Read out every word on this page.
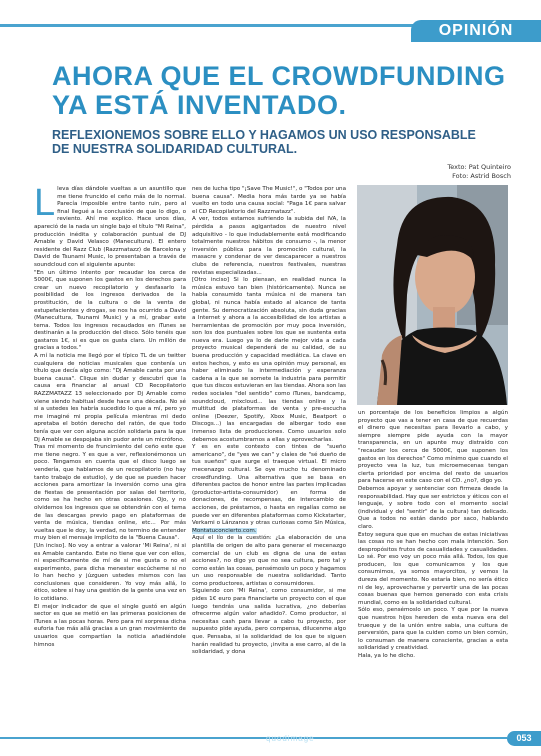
OPINIÓN
AHORA QUE EL CROWDFUNDING YA ESTÁ INVENTADO.
REFLEXIONEMOS SOBRE ELLO Y HAGAMOS UN USO RESPONSABLE DE NUESTRA SOLIDARIDAD CULTURAL.
Texto: Pat Quinteiro
Foto: Astrid Bosch
L leva días dándole vueltas a un asuntillo que me tiene fruncido el ceño más de lo normal. Parecía imposible entre tanto ruin, pero al final llegué a la conclusión de que lo digo, o reviento. Ahí me explico. Hace unos días, apareció de la nada un single bajo el título "Mi Reina", producción inédita y colaboración puntual de DJ Amable y David Velasco (Manecultura). El entero residente del Razz Club (Razzmatazz) de Barcelona y David de Tsunami Music, lo presentaban a través de soundcloud con el siguiente apunte:

"En un último intento por recaudar los cerca de 5000€, que suponen los gastos en los derechos para crear un nuevo recopilatorio y desfasarlo la posibilidad de los ingresos derivados de la prostitución, de la cultura o de la venta de estupefacientes y drogas, se nos ha ocurrido a David (Manecultura, Tsunami Music) y a mí, grabar este tema. Todos los ingresos recaudados en iTunes se destinarán a la producción del disco. Sólo tenéis que gastaros 1€, si es que os gusta claro. Un millón de gracias a todos."

A mí la noticia me llegó por el típico TL de un twitter cualquiera de noticias musicales que contenía un título que decía algo como: "Dj Amable canta por una buena causa". Clique sin dudar y descubrí que la causa era financiar al anual CD Recopilatorio RAZZMATAZZ 13 seleccionado por Dj Amable como viene siendo habitual desde hace una década. No sé si a ustedes les habría sucedido lo que a mí, pero yo me imaginé mi propia película mientras mi dedo apretaba el botón derecho del ratón, de que todo tenía que ver con alguna acción solidaria para la que Dj Amable se despojaba sin pudor ante un micrófono.

Tras mi momento de fruncimiento del ceño este que me tiene negro. Y es que a ver, reflexionémonos un poco. Tengamos en cuenta que el disco luego se vendería, que hablamos de un recopilatorio (no hay tanto trabajo de estudio), y de que se pueden hacer acciones para amortizar la inversión como una gira de fiestas de presentación por salas del territorio, como se ha hecho en otras ocasiones. Ojo, y no olvidemos los ingresos que se obtendrán con el tema de las descargas previo pago en plataformas de venta de música, tiendas online, etc... Por más vueltas que le doy, la verdad, no termino de entender muy bien el mensaje implícito de la "Buena Causa".

[Un inciso]. No voy a entrar a valorar 'Mi Reina', ni si es Amable cantando. Este no tiene que ver con ellos, ni específicamente de mí de si me gusta o no el experimento, para dicha menester escúcheme si no lo han hecho y júzguen ustedes mismos con las conclusiones que consideren. Yo voy más allá, lo ético, sobre si hay una gestión de la gente una vez en lo cotidiano.

El mejor indicador de que el single gustó en algún sector es que se metió en las primeras posiciones de iTunes a las pocas horas. Pero para mi sorpresa dicha euforia fue más allá gracias a un gran movimiento de usuarios que compartían la noticia añadiéndole himnos

nes de lucha tipo "¡Save The Music!", o "Todos por una buena causa". Media hora más tarde ya se había vuelto en todo una causa social: "Paga 1€ para salvar el CD Recopilatorio del Razzmatazz".

A ver, todos estamos sufriendo la subida del IVA, la pérdida a pasos agigantados de nuestro nivel adquisitivo - lo que indudablemente está modificando totalmente nuestros hábitos de consumo -, la menor inversión pública para la promoción cultural, la masacre y condenar de ver descaparecer a nuestros clubs de referencia, nuestros festivales, nuestras revistas especializadas...

[Otro inciso] Si lo piensan, en realidad nunca la música estuvo tan bien (históricamente). Nunca se había consumido tanta música ni de manera tan global, ni nunca había estado al alcance de tanta gente. Su democratización absoluta, sin duda gracias a Internet y ahora a la accesibilidad de los artistas a herramientas de promoción por muy poca inversión, son los dos puntuales sobre los que se sustenta esta nueva era. Luego ya lo de darle mejor vida a cada proyecto musical dependerá de su calidad, de su buena producción y capacidad mediática. La clave en estos hechos, y esto es una opinión muy personal, es haber eliminado la intermediación y esperanza cadena a la que se somete la industria para permitir que tus discos estuvieran en las tiendas. Ahora son las redes sociales "del sentido" como iTunes, bandcamp, soundcloud, mixcloud... las tiendas online y la multitud de plataformas de venta y pre-escucha online (Deezer, Spotify, Xbox Music, Beatport o Discogs...) las encargadas de albergar todo ese inmenso lista de producciones. Como usuarios solo debemos acostumbrarnos a ellas y aprovecharlas.

Y es en este contexto con tintes de "sueño americano", de "yes we can" y claíes de "sé dueño de tus sueños" que surge el traeque virtual. El micro mecenazgo cultural. Se oye mucho tu denominado crowdfunding. Una alternativa que se basa en diferentes pactos de honor entre las partes implicadas (productor-artista-consumidor) en forma de donaciones, de recompensas, de intercambio de acciones, de préstamos, o hasta en regalías como se puede ver en diferentes plataformas como Kickstarter, Verkami o Lánzanos y otras curiosas como Sin Música, Montatuconcierto.com.

Aquí el lío de la cuestión: ¿La elaboración de una plantilla de origen de alto para generar el mecenazgo comercial de un club es digna de una de estas acciones?, no digo yo que no sea cultura, pero tal y como están las cosas, pensémoslo un poco y hagamos un uso responsable de nuestra solidaridad. Tanto como productores, artistas o consumidores.

Siguiendo con 'Mi Reina', como consumidor, si me pides 1€ euro para financiarte un proyecto con el que luego tendrás una salida lucrativa, ¿no deberías ofrecerme algún valor añadido?. Como productor, si necesitas cash para llevar a cabo tu proyecto, por supuesto pide ayuda, pero compensa, dilucenme algo que. Pensaba, si la solidaridad de los que te siguen harán realidad tu proyecto, ¡invita a ese carro, al de la solidaridad, y dona

un porcentaje de los beneficios limpios a algún proyecto que vas a tener en casa de que recuerdas el dinero que necesitas para llevarlo a cabo, y siempre siempre pide ayuda con la mayor transparencia, en un apunte muy distraído con "recaudar los cerca de 5000€, que suponen los gastos en los derechos" Como mínimo que cuando el proyecto vea la luz, tus microemecenas tengan cierta prioridad por encima del resto de usuarios para hacerse en este caso con el CD. ¿no?, digo yo.

Debemos apoyar y sentenciar con firmeza desde la responsabilidad. Hay que ser estrictos y éticos con el lenguaje, y sobre todo con el momento social (individual y del "sentir" de la cultura) tan delicado. Que a todos no están dando por saco, hablando claro.

Estoy segura que que en muchas de estas iniciativas las cosas no se han hecho con mala intención. Son despropósitos frutos de casualidades y casualidades. Lo sé. Por eso voy un poco más allá. Todos, los que producen, los que comunicamos y los que consumimos, ya somos mayorcitos, y vemos la dureza del momento. No estaría bien, no sería ético ni de ley, aprovecharse y pervertir una de las pocas cosas buenas que hemos generado con esta crisis mundial, como es la solidaridad cultural.

Sólo eso, pensémoslo un poco. Y que por la nueva que nuestros hijos hereden de esta nueva era del trueque y de la unión entre sabia, una cultura de perversión, para que la cuiden como un bien común, lo consuman de manera consciente, gracias a esta solidaridad y creatividad.

Hala, ya lo he dicho.

quodimage	053
